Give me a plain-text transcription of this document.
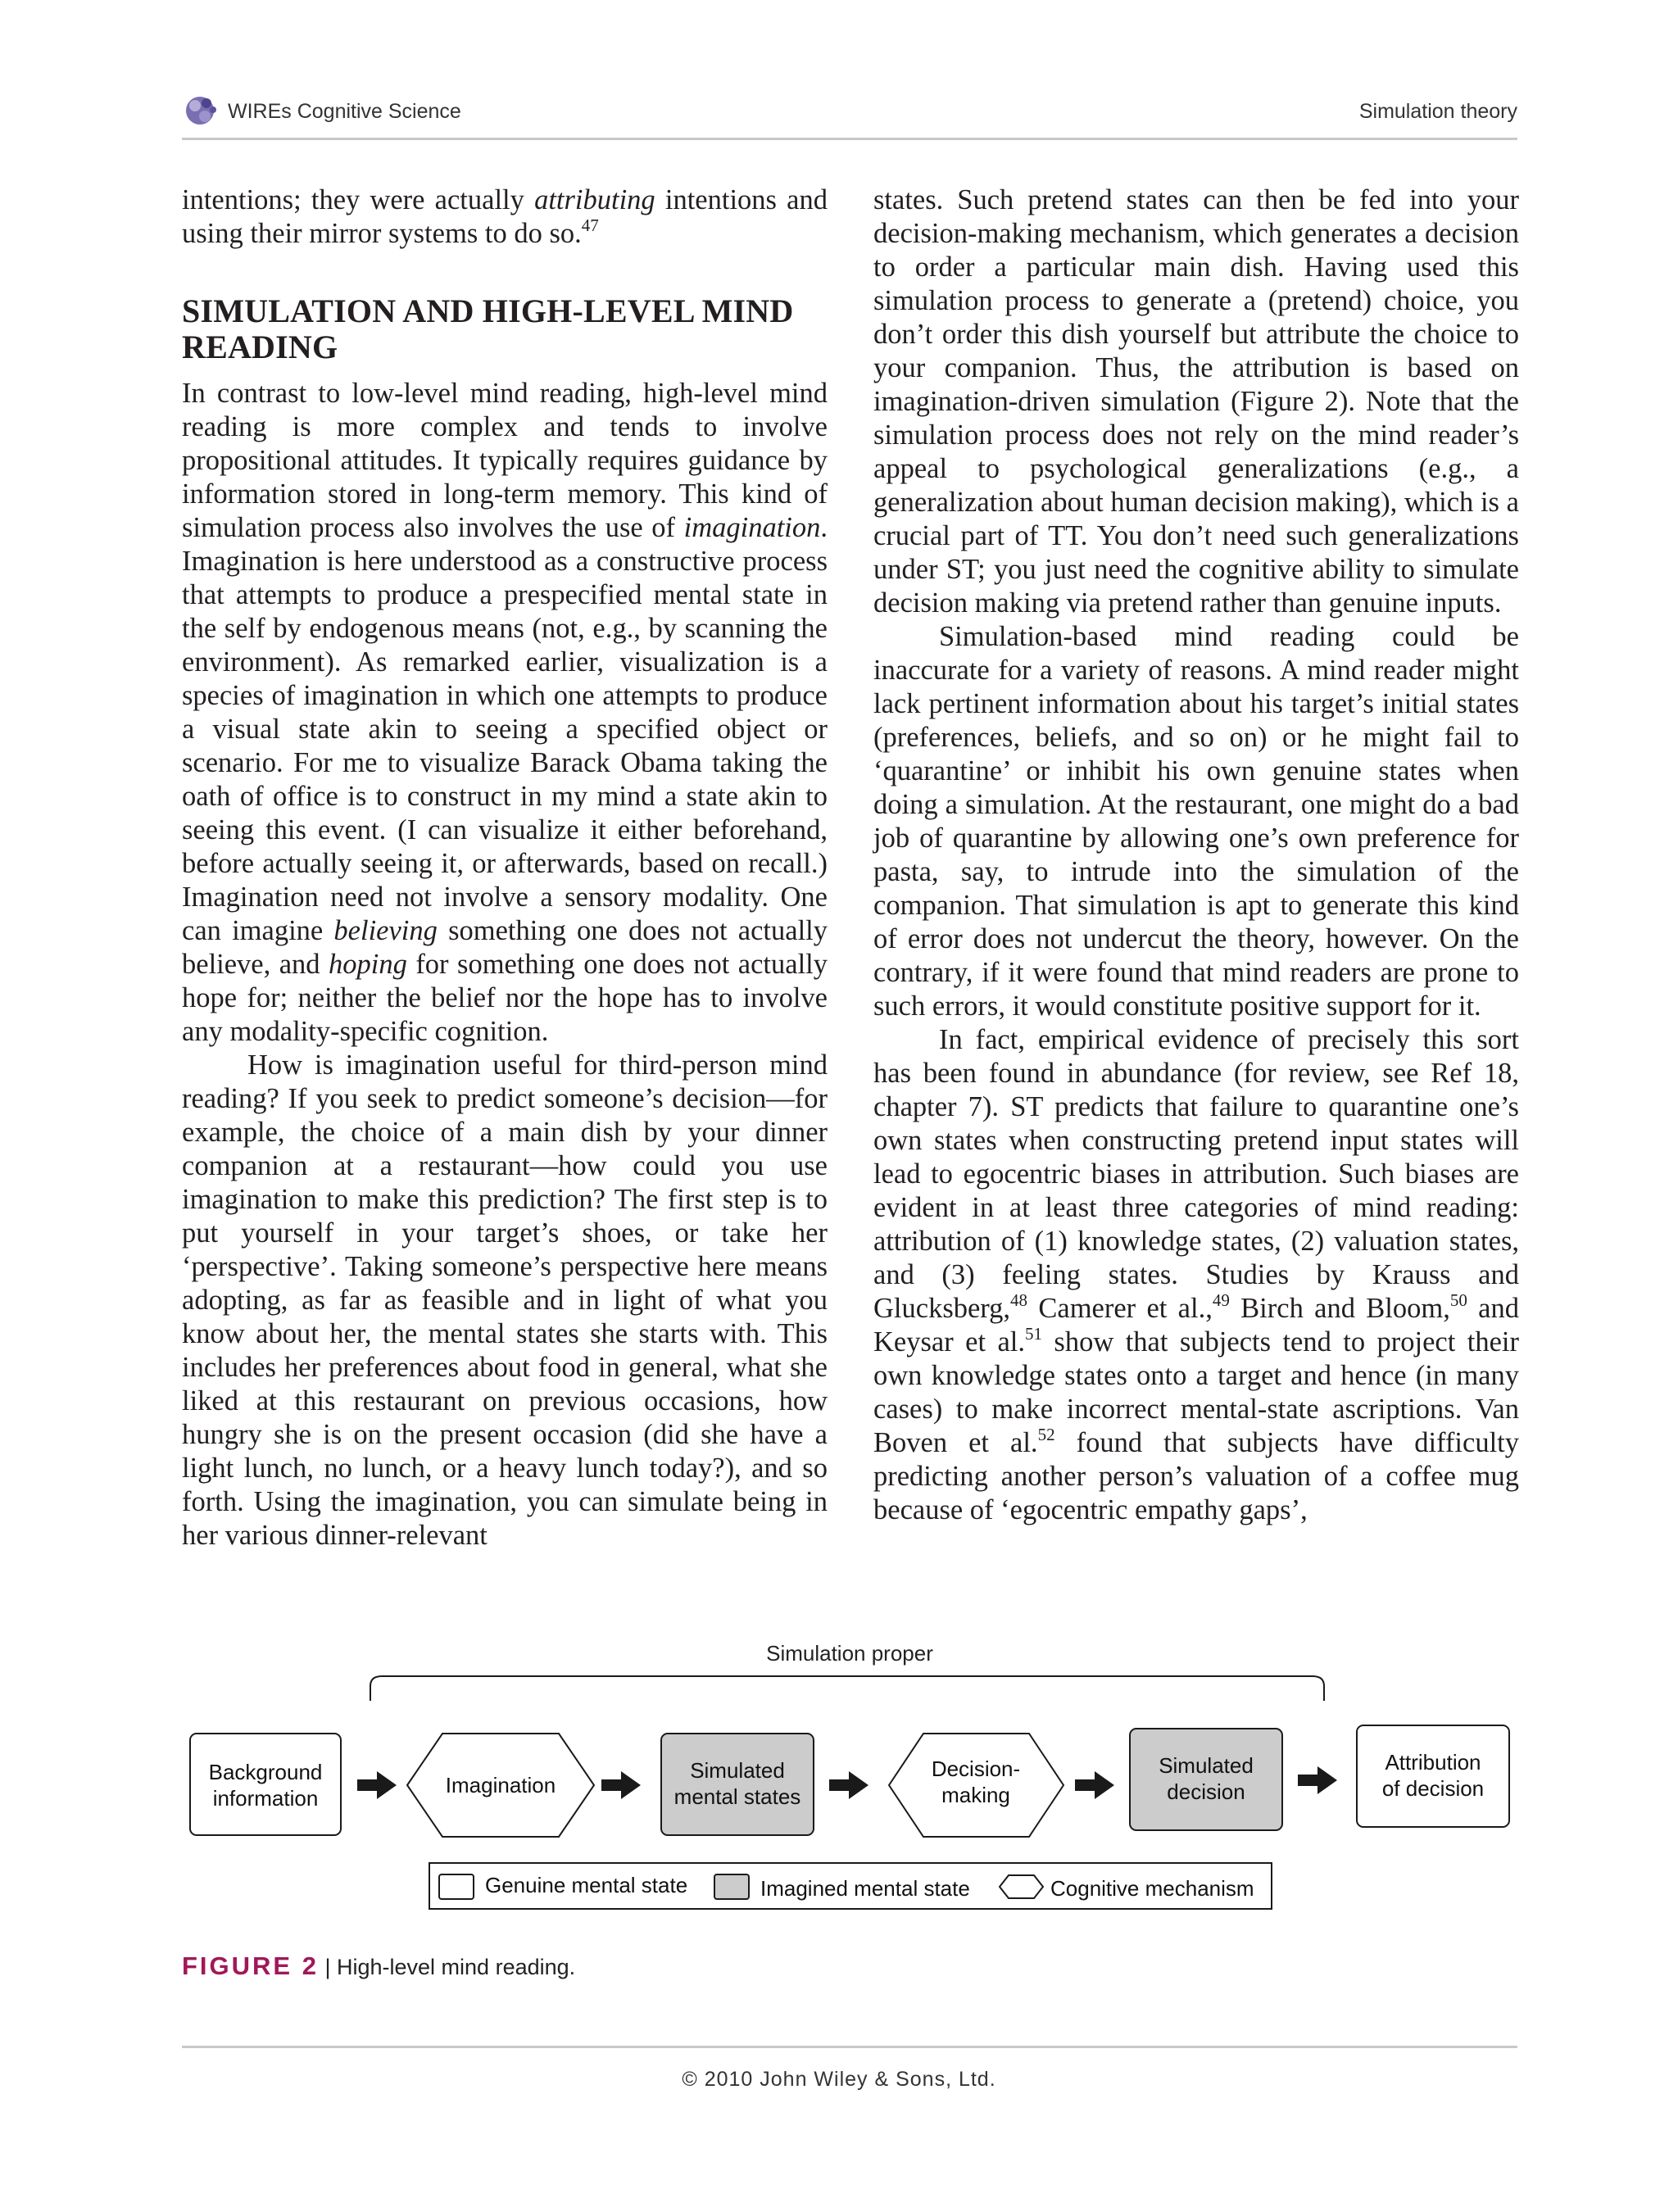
WIREs Cognitive Science	Simulation theory

intentions; they were actually attributing intentions and using their mirror systems to do so.$^{47}$

SIMULATION AND HIGH-LEVEL MIND READING

In contrast to low-level mind reading, high-level mind reading is more complex and tends to involve propositional attitudes. It typically requires guidance by information stored in long-term memory. This kind of simulation process also involves the use of imagination. Imagination is here understood as a constructive process that attempts to produce a prespecified mental state in the self by endogenous means (not, e.g., by scanning the environment). As remarked earlier, visualization is a species of imagination in which one attempts to produce a visual state akin to seeing a specified object or scenario. For me to visualize Barack Obama taking the oath of office is to construct in my mind a state akin to seeing this event. (I can visualize it either beforehand, before actually seeing it, or afterwards, based on recall.) Imagination need not involve a sensory modality. One can imagine believing something one does not actually believe, and hoping for something one does not actually hope for; neither the belief nor the hope has to involve any modality-specific cognition.

How is imagination useful for third-person mind reading? If you seek to predict someone’s decision—for example, the choice of a main dish by your dinner companion at a restaurant—how could you use imagination to make this prediction? The first step is to put yourself in your target’s shoes, or take her ‘perspective’. Taking someone’s perspective here means adopting, as far as feasible and in light of what you know about her, the mental states she starts with. This includes her preferences about food in general, what she liked at this restaurant on previous occasions, how hungry she is on the present occasion (did she have a light lunch, no lunch, or a heavy lunch today?), and so forth. Using the imagination, you can simulate being in her various dinner-relevant

states. Such pretend states can then be fed into your decision-making mechanism, which generates a decision to order a particular main dish. Having used this simulation process to generate a (pretend) choice, you don’t order this dish yourself but attribute the choice to your companion. Thus, the attribution is based on imagination-driven simulation (Figure 2). Note that the simulation process does not rely on the mind reader’s appeal to psychological generalizations (e.g., a generalization about human decision making), which is a crucial part of TT. You don’t need such generalizations under ST; you just need the cognitive ability to simulate decision making via pretend rather than genuine inputs.

Simulation-based mind reading could be inaccurate for a variety of reasons. A mind reader might lack pertinent information about his target’s initial states (preferences, beliefs, and so on) or he might fail to ‘quarantine’ or inhibit his own genuine states when doing a simulation. At the restaurant, one might do a bad job of quarantine by allowing one’s own preference for pasta, say, to intrude into the simulation of the companion. That simulation is apt to generate this kind of error does not undercut the theory, however. On the contrary, if it were found that mind readers are prone to such errors, it would constitute positive support for it.

In fact, empirical evidence of precisely this sort has been found in abundance (for review, see Ref 18, chapter 7). ST predicts that failure to quarantine one’s own states when constructing pretend input states will lead to egocentric biases in attribution. Such biases are evident in at least three categories of mind reading: attribution of (1) knowledge states, (2) valuation states, and (3) feeling states. Studies by Krauss and Glucksberg,$^{48}$ Camerer et al.,$^{49}$ Birch and Bloom,$^{50}$ and Keysar et al.$^{51}$ show that subjects tend to project their own knowledge states onto a target and hence (in many cases) to make incorrect mental-state ascriptions. Van Boven et al.$^{52}$ found that subjects have difficulty predicting another person’s valuation of a coffee mug because of ‘egocentric empathy gaps’,

Simulation proper
Background information
Imagination
Simulated mental states
Decision-making
Simulated decision
Attribution of decision
Genuine mental state	Imagined mental state	Cognitive mechanism
FIGURE 2 | High-level mind reading.
© 2010 John Wiley & Sons, Ltd.
